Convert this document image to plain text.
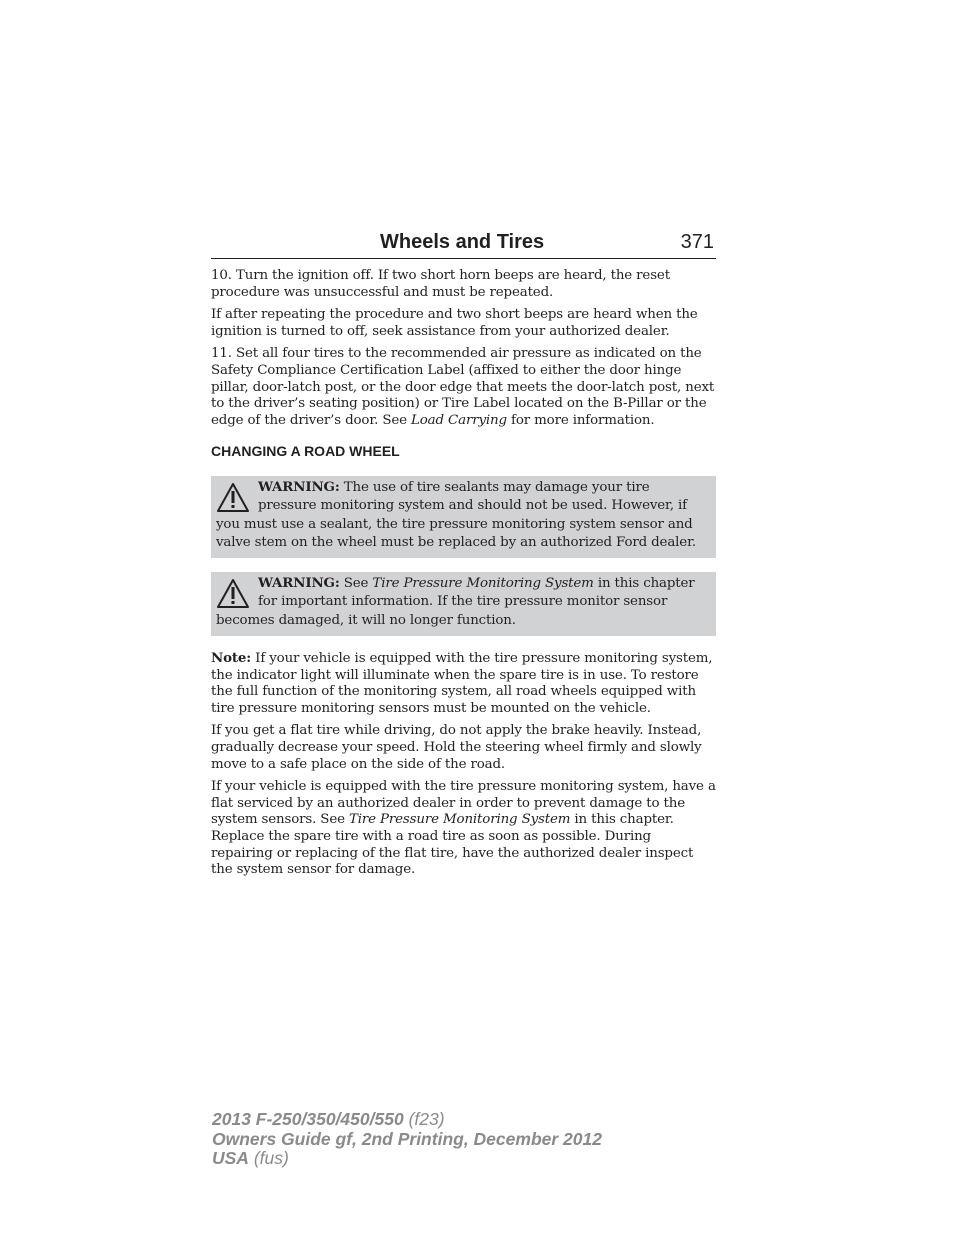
Wheels and Tires	371

10. Turn the ignition off. If two short horn beeps are heard, the reset procedure was unsuccessful and must be repeated.

If after repeating the procedure and two short beeps are heard when the ignition is turned to off, seek assistance from your authorized dealer.

11. Set all four tires to the recommended air pressure as indicated on the Safety Compliance Certification Label (affixed to either the door hinge pillar, door-latch post, or the door edge that meets the door-latch post, next to the driver’s seating position) or Tire Label located on the B-Pillar or the edge of the driver’s door. See Load Carrying for more information.

CHANGING A ROAD WHEEL
WARNING: The use of tire sealants may damage your tire pressure monitoring system and should not be used. However, if you must use a sealant, the tire pressure monitoring system sensor and valve stem on the wheel must be replaced by an authorized Ford dealer.
WARNING: See Tire Pressure Monitoring System in this chapter for important information. If the tire pressure monitor sensor becomes damaged, it will no longer function.

Note: If your vehicle is equipped with the tire pressure monitoring system, the indicator light will illuminate when the spare tire is in use. To restore the full function of the monitoring system, all road wheels equipped with tire pressure monitoring sensors must be mounted on the vehicle.

If you get a flat tire while driving, do not apply the brake heavily. Instead, gradually decrease your speed. Hold the steering wheel firmly and slowly move to a safe place on the side of the road.

If your vehicle is equipped with the tire pressure monitoring system, have a flat serviced by an authorized dealer in order to prevent damage to the system sensors. See Tire Pressure Monitoring System in this chapter. Replace the spare tire with a road tire as soon as possible. During repairing or replacing of the flat tire, have the authorized dealer inspect the system sensor for damage.

2013 F-250/350/450/550 (f23)
Owners Guide gf, 2nd Printing, December 2012
USA (fus)
